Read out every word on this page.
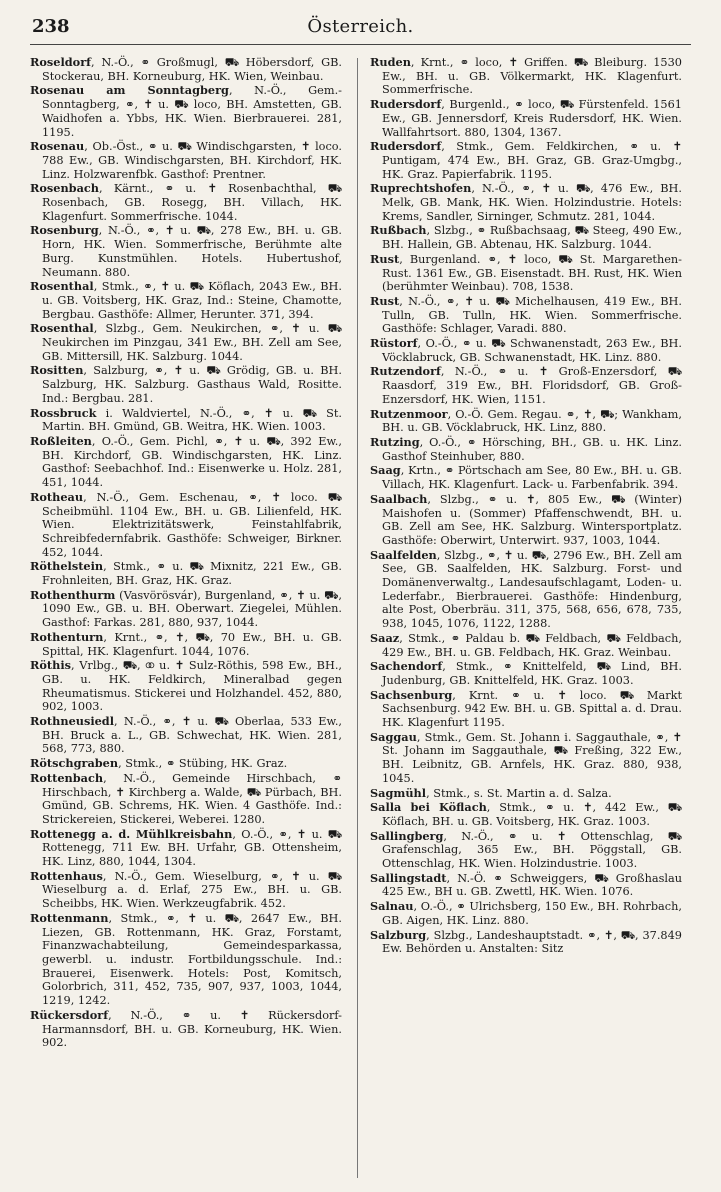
238	Österreich.

Roseldorf, N.-Ö., ⚭ Großmugl, ⛟ Höbersdorf, GB. Stockerau, BH. Korneuburg, HK. Wien, Weinbau.

Rosenau am Sonntagberg, N.-Ö., Gem.-Sonntagberg, ⚭, ✝ u. ⛟ loco, BH. Amstetten, GB. Waidhofen a. Ybbs, HK. Wien. Bierbrauerei. 281, 1195.

Rosenau, Ob.-Öst., ⚭ u. ⛟ Windischgarsten, ✝ loco. 788 Ew., GB. Windischgarsten, BH. Kirchdorf, HK. Linz. Holzwarenfbk. Gasthof: Prentner.

Rosenbach, Kärnt., ⚭ u. ✝ Rosenbachthal, ⛟ Rosenbach, GB. Rosegg, BH. Villach, HK. Klagenfurt. Sommerfrische. 1044.

Rosenburg, N.-Ö., ⚭, ✝ u. ⛟, 278 Ew., BH. u. GB. Horn, HK. Wien. Sommerfrische, Berühmte alte Burg. Kunstmühlen. Hotels. Hubertushof, Neumann. 880.

Rosenthal, Stmk., ⚭, ✝ u. ⛟ Köflach, 2043 Ew., BH. u. GB. Voitsberg, HK. Graz, Ind.: Steine, Chamotte, Bergbau. Gasthöfe: Allmer, Herunter. 371, 394.

Rosenthal, Slzbg., Gem. Neukirchen, ⚭, ✝ u. ⛟ Neukirchen im Pinzgau, 341 Ew., BH. Zell am See, GB. Mittersill, HK. Salzburg. 1044.

Rositten, Salzburg, ⚭, ✝ u. ⛟ Grödig, GB. u. BH. Salzburg, HK. Salzburg. Gasthaus Wald, Rositte. Ind.: Bergbau. 281.

Rossbruck i. Waldviertel, N.-Ö., ⚭, ✝ u. ⛟ St. Martin. BH. Gmünd, GB. Weitra, HK. Wien. 1003.

Roßleiten, O.-Ö., Gem. Pichl, ⚭, ✝ u. ⛟, 392 Ew., BH. Kirchdorf, GB. Windischgarsten, HK. Linz. Gasthof: Seebachhof. Ind.: Eisenwerke u. Holz. 281, 451, 1044.

Rotheau, N.-Ö., Gem. Eschenau, ⚭, ✝ loco. ⛟ Scheibmühl. 1104 Ew., BH. u. GB. Lilienfeld, HK. Wien. Elektrizitätswerk, Feinstahlfabrik, Schreibfedernfabrik. Gasthöfe: Schweiger, Birkner. 452, 1044.

Röthelstein, Stmk., ⚭ u. ⛟ Mixnitz, 221 Ew., GB. Frohnleiten, BH. Graz, HK. Graz.

Rothenthurm (Vasvörösvár), Burgenland, ⚭, ✝ u. ⛟, 1090 Ew., GB. u. BH. Oberwart. Ziegelei, Mühlen. Gasthof: Farkas. 281, 880, 937, 1044.

Rothenturn, Krnt., ⚭, ✝, ⛟, 70 Ew., BH. u. GB. Spittal, HK. Klagenfurt. 1044, 1076.

Röthis, Vrlbg., ⛟, ⚭ u. ✝ Sulz-Röthis, 598 Ew., BH., GB. u. HK. Feldkirch, Mineralbad gegen Rheumatismus. Stickerei und Holzhandel. 452, 880, 902, 1003.

Rothneusiedl, N.-Ö., ⚭, ✝ u. ⛟ Oberlaa, 533 Ew., BH. Bruck a. L., GB. Schwechat, HK. Wien. 281, 568, 773, 880.

Rötschgraben, Stmk., ⚭ Stübing, HK. Graz.

Rottenbach, N.-Ö., Gemeinde Hirschbach, ⚭ Hirschbach, ✝ Kirchberg a. Walde, ⛟ Pürbach, BH. Gmünd, GB. Schrems, HK. Wien. 4 Gasthöfe. Ind.: Strickereien, Stickerei, Weberei. 1280.

Rottenegg a. d. Mühlkreisbahn, O.-Ö., ⚭, ✝ u. ⛟ Rottenegg, 711 Ew. BH. Urfahr, GB. Ottensheim, HK. Linz, 880, 1044, 1304.

Rottenhaus, N.-Ö., Gem. Wieselburg, ⚭, ✝ u. ⛟ Wieselburg a. d. Erlaf, 275 Ew., BH. u. GB. Scheibbs, HK. Wien. Werkzeugfabrik. 452.

Rottenmann, Stmk., ⚭, ✝ u. ⛟, 2647 Ew., BH. Liezen, GB. Rottenmann, HK. Graz, Forstamt, Finanzwachabteilung, Gemeindesparkassa, gewerbl. u. industr. Fortbildungsschule. Ind.: Brauerei, Eisenwerk. Hotels: Post, Komitsch, Golorbrich, 311, 452, 735, 907, 937, 1003, 1044, 1219, 1242.

Rückersdorf, N.-Ö., ⚭ u. ✝ Rückersdorf-Harmannsdorf, BH. u. GB. Korneuburg, HK. Wien. 902.

Ruden, Krnt., ⚭ loco, ✝ Griffen. ⛟ Bleiburg. 1530 Ew., BH. u. GB. Völkermarkt, HK. Klagenfurt. Sommerfrische.

Rudersdorf, Burgenld., ⚭ loco, ⛟ Fürstenfeld. 1561 Ew., GB. Jennersdorf, Kreis Rudersdorf, HK. Wien. Wallfahrtsort. 880, 1304, 1367.

Rudersdorf, Stmk., Gem. Feldkirchen, ⚭ u. ✝ Puntigam, 474 Ew., BH. Graz, GB. Graz-Umgbg., HK. Graz. Papierfabrik. 1195.

Ruprechtshofen, N.-Ö., ⚭, ✝ u. ⛟, 476 Ew., BH. Melk, GB. Mank, HK. Wien. Holzindustrie. Hotels: Krems, Sandler, Sirninger, Schmutz. 281, 1044.

Rußbach, Slzbg., ⚭ Rußbachsaag, ⛟ Steeg, 490 Ew., BH. Hallein, GB. Abtenau, HK. Salzburg. 1044.

Rust, Burgenland. ⚭, ✝ loco, ⛟ St. Margarethen-Rust. 1361 Ew., GB. Eisenstadt. BH. Rust, HK. Wien (berühmter Weinbau). 708, 1538.

Rust, N.-Ö., ⚭, ✝ u. ⛟ Michelhausen, 419 Ew., BH. Tulln, GB. Tulln, HK. Wien. Sommerfrische. Gasthöfe: Schlager, Varadi. 880.

Rüstorf, O.-Ö., ⚭ u. ⛟ Schwanenstadt, 263 Ew., BH. Vöcklabruck, GB. Schwanenstadt, HK. Linz. 880.

Rutzendorf, N.-Ö., ⚭ u. ✝ Groß-Enzersdorf, ⛟ Raasdorf, 319 Ew., BH. Floridsdorf, GB. Groß-Enzersdorf, HK. Wien, 1151.

Rutzenmoor, O.-Ö. Gem. Regau. ⚭, ✝, ⛟; Wankham, BH. u. GB. Vöcklabruck, HK. Linz, 880.

Rutzing, O.-Ö., ⚭ Hörsching, BH., GB. u. HK. Linz. Gasthof Steinhuber, 880.

Saag, Krtn., ⚭ Pörtschach am See, 80 Ew., BH. u. GB. Villach, HK. Klagenfurt. Lack- u. Farbenfabrik. 394.

Saalbach, Slzbg., ⚭ u. ✝, 805 Ew., ⛟ (Winter) Maishofen u. (Sommer) Pfaffenschwendt, BH. u. GB. Zell am See, HK. Salzburg. Wintersportplatz. Gasthöfe: Oberwirt, Unterwirt. 937, 1003, 1044.

Saalfelden, Slzbg., ⚭, ✝ u. ⛟, 2796 Ew., BH. Zell am See, GB. Saalfelden, HK. Salzburg. Forst- und Domänenverwaltg., Landesaufschlagamt, Loden- u. Lederfabr., Bierbrauerei. Gasthöfe: Hindenburg, alte Post, Oberbräu. 311, 375, 568, 656, 678, 735, 938, 1045, 1076, 1122, 1288.

Saaz, Stmk., ⚭ Paldau b. ⛟ Feldbach, ⛟ Feldbach, 429 Ew., BH. u. GB. Feldbach, HK. Graz. Weinbau.

Sachendorf, Stmk., ⚭ Knittelfeld, ⛟ Lind, BH. Judenburg, GB. Knittelfeld, HK. Graz. 1003.

Sachsenburg, Krnt. ⚭ u. ✝ loco. ⛟ Markt Sachsenburg. 942 Ew. BH. u. GB. Spittal a. d. Drau. HK. Klagenfurt 1195.

Saggau, Stmk., Gem. St. Johann i. Saggauthale, ⚭, ✝ St. Johann im Saggauthale, ⛟ Freßing, 322 Ew., BH. Leibnitz, GB. Arnfels, HK. Graz. 880, 938, 1045.

Sagmühl, Stmk., s. St. Martin a. d. Salza.

Salla bei Köflach, Stmk., ⚭ u. ✝, 442 Ew., ⛟ Köflach, BH. u. GB. Voitsberg, HK. Graz. 1003.

Sallingberg, N.-Ö., ⚭ u. ✝ Ottenschlag, ⛟ Grafenschlag, 365 Ew., BH. Pöggstall, GB. Ottenschlag, HK. Wien. Holzindustrie. 1003.

Sallingstadt, N.-Ö. ⚭ Schweiggers, ⛟ Großhaslau 425 Ew., BH u. GB. Zwettl, HK. Wien. 1076.

Salnau, O.-Ö., ⚭ Ulrichsberg, 150 Ew., BH. Rohrbach, GB. Aigen, HK. Linz. 880.

Salzburg, Slzbg., Landeshauptstadt. ⚭, ✝, ⛟, 37.849 Ew. Behörden u. Anstalten: Sitz
